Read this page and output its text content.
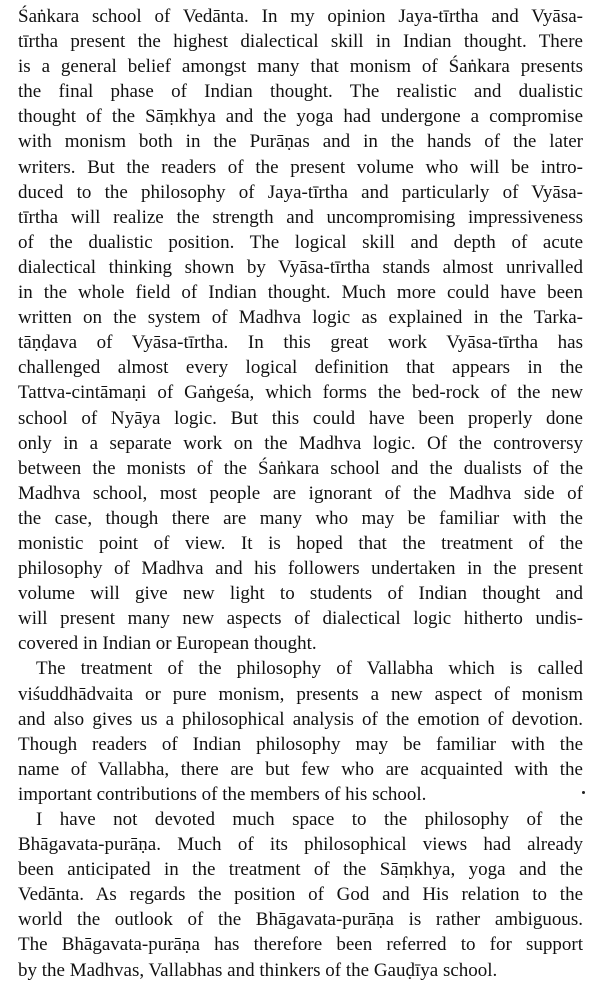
Śaṅkara school of Vedānta. In my opinion Jaya-tīrtha and Vyāsa-
tīrtha present the highest dialectical skill in Indian thought. There
is a general belief amongst many that monism of Śaṅkara presents
the final phase of Indian thought. The realistic and dualistic
thought of the Sāṃkhya and the yoga had undergone a compromise
with monism both in the Purāṇas and in the hands of the later
writers. But the readers of the present volume who will be intro-
duced to the philosophy of Jaya-tīrtha and particularly of Vyāsa-
tīrtha will realize the strength and uncompromising impressiveness
of the dualistic position. The logical skill and depth of acute
dialectical thinking shown by Vyāsa-tīrtha stands almost unrivalled
in the whole field of Indian thought. Much more could have been
written on the system of Madhva logic as explained in the Tarka-
tāṇḍava of Vyāsa-tīrtha. In this great work Vyāsa-tīrtha has
challenged almost every logical definition that appears in the
Tattva-cintāmaṇi of Gaṅgeśa, which forms the bed-rock of the new
school of Nyāya logic. But this could have been properly done
only in a separate work on the Madhva logic. Of the controversy
between the monists of the Śaṅkara school and the dualists of the
Madhva school, most people are ignorant of the Madhva side of
the case, though there are many who may be familiar with the
monistic point of view. It is hoped that the treatment of the
philosophy of Madhva and his followers undertaken in the present
volume will give new light to students of Indian thought and
will present many new aspects of dialectical logic hitherto undis-
covered in Indian or European thought.
The treatment of the philosophy of Vallabha which is called
viśuddhādvaita or pure monism, presents a new aspect of monism
and also gives us a philosophical analysis of the emotion of devotion.
Though readers of Indian philosophy may be familiar with the
name of Vallabha, there are but few who are acquainted with the
important contributions of the members of his school.
I have not devoted much space to the philosophy of the
Bhāgavata-purāṇa. Much of its philosophical views had already
been anticipated in the treatment of the Sāṃkhya, yoga and the
Vedānta. As regards the position of God and His relation to the
world the outlook of the Bhāgavata-purāṇa is rather ambiguous.
The Bhāgavata-purāṇa has therefore been referred to for support
by the Madhvas, Vallabhas and thinkers of the Gauḍīya school.
